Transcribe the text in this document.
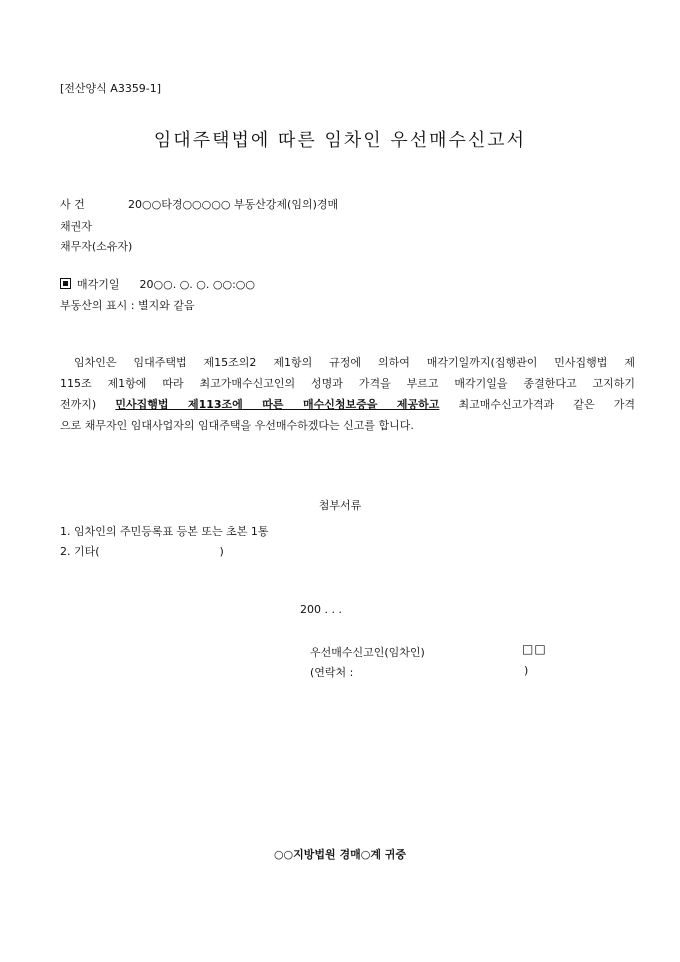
[전산양식 A3359-1]
임대주택법에 따른 임차인 우선매수신고서
사 건	20○○타경○○○○○ 부동산강제(임의)경매
채권자
채무자(소유자)
매각기일 20○○. ○. ○. ○○:○○
부동산의 표시 : 별지와 같음
임차인은 임대주택법 제15조의2 제1항의 규정에 의하여 매각기일까지(집행관이 민사집행법 제
115조 제1항에 따라 최고가매수신고인의 성명과 가격을 부르고 매각기일을 종결한다고 고지하기
전까지) 민사집행법 제113조에 따른 매수신청보증을 제공하고 최고매수신고가격과 같은 가격
으로 채무자인 임대사업자의 임대주택을 우선매수하겠다는 신고를 합니다.
첨부서류
1. 임차인의 주민등록표 등본 또는 초본 1통
2. 기타(	)
200 . . .
우선매수신고인(임차인)	□□
(연락처 :	)
○○지방법원 경매○계 귀중
